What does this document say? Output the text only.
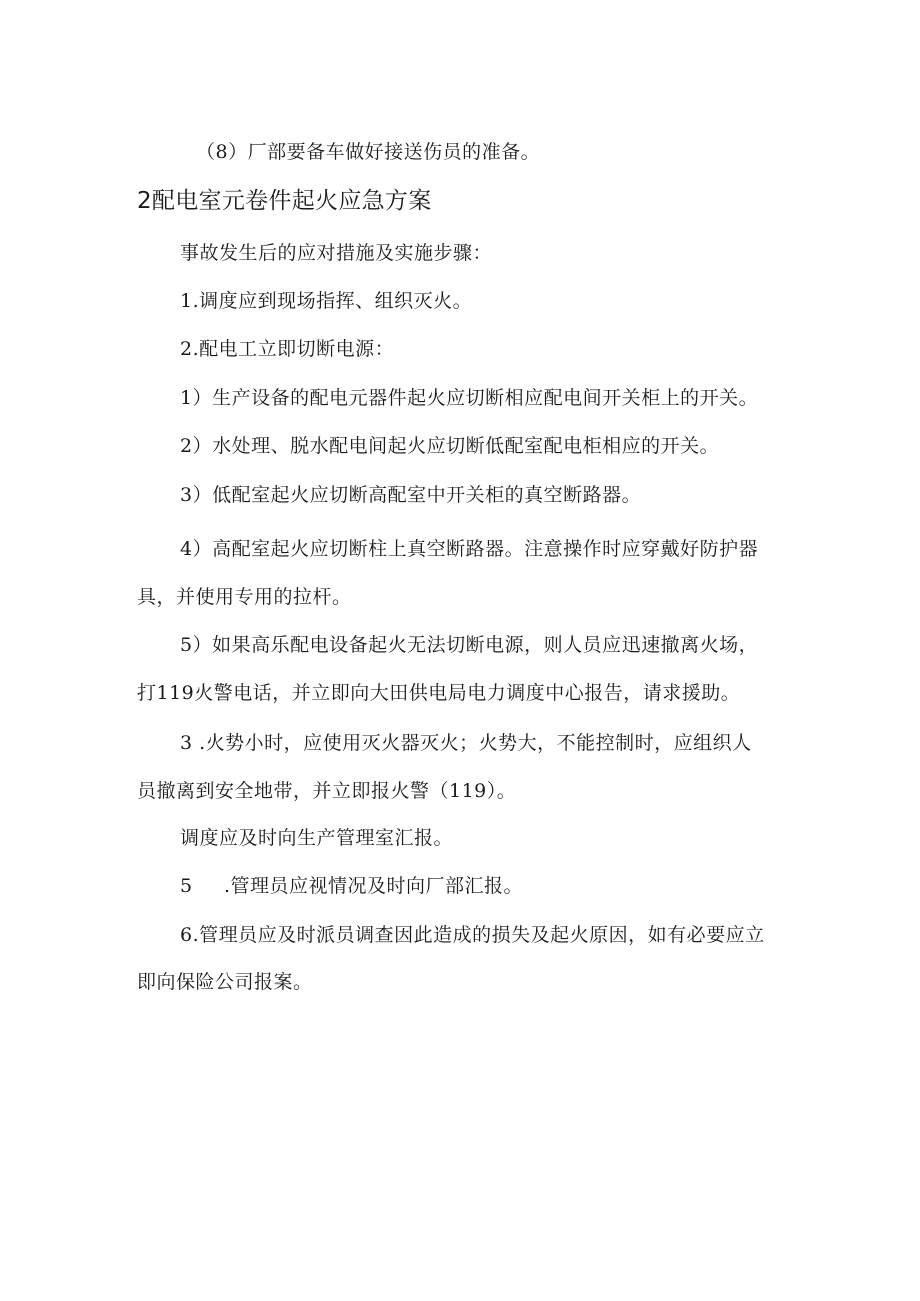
（8）厂部要备车做好接送伤员的准备。
2配电室元卷件起火应急方案
事故发生后的应对措施及实施步骤：
1.调度应到现场指挥、组织灭火。
2.配电工立即切断电源：
1）生产设备的配电元器件起火应切断相应配电间开关柜上的开关。
2）水处理、脱水配电间起火应切断低配室配电柜相应的开关。
3）低配室起火应切断高配室中开关柜的真空断路器。
4）高配室起火应切断柱上真空断路器。注意操作时应穿戴好防护器
具，并使用专用的拉杆。
5）如果高乐配电设备起火无法切断电源，则人员应迅速撤离火场，
打119火警电话，并立即向大田供电局电力调度中心报告，请求援助。
3 .火势小时，应使用灭火器灭火；火势大，不能控制时，应组织人
员撤离到安全地带，并立即报火警（119）。
调度应及时向生产管理室汇报。
5 .管理员应视情况及时向厂部汇报。
6.管理员应及时派员调查因此造成的损失及起火原因，如有必要应立
即向保险公司报案。
